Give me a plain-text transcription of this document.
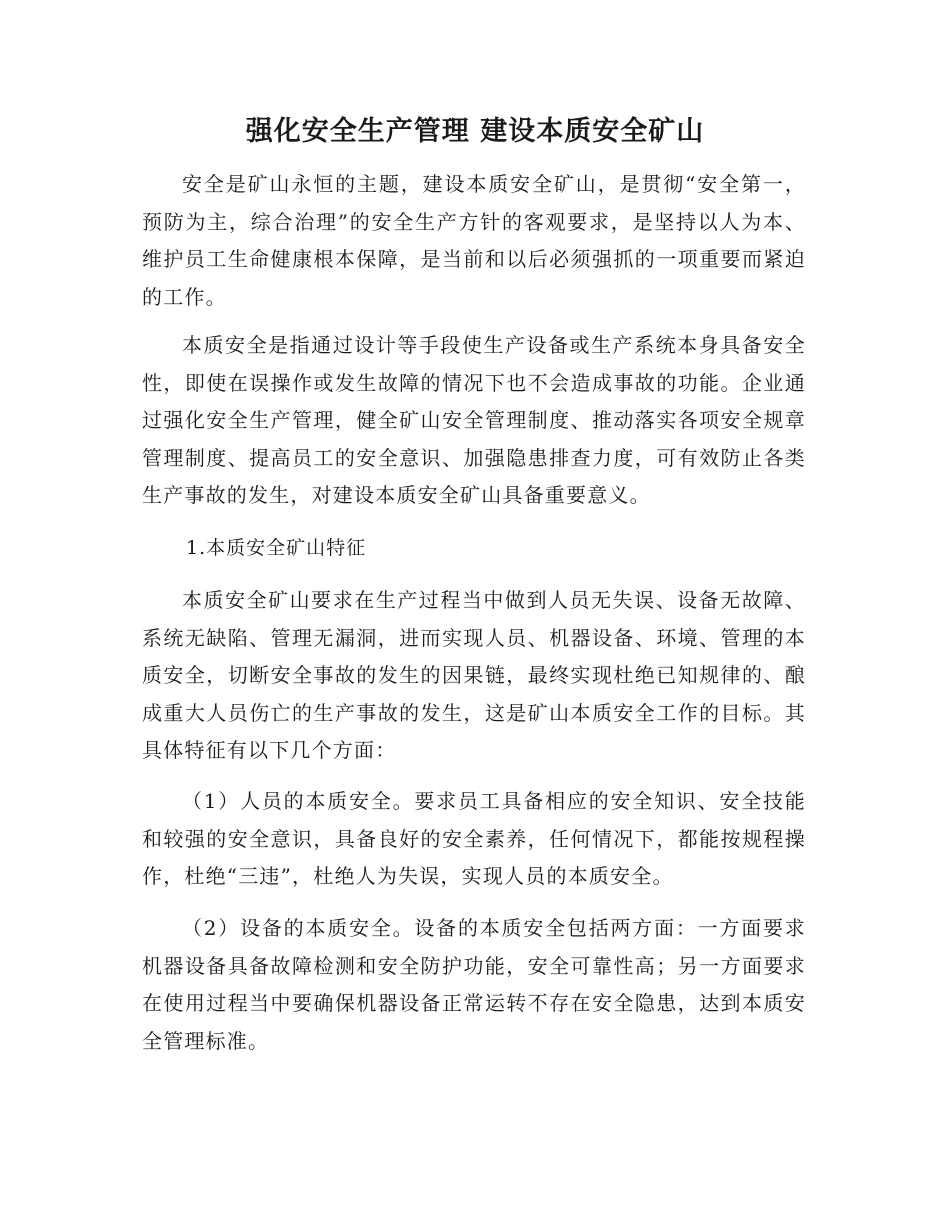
强化安全生产管理 建设本质安全矿山

安全是矿山永恒的主题，建设本质安全矿山，是贯彻“安全第一，预防为主，综合治理”的安全生产方针的客观要求，是坚持以人为本、维护员工生命健康根本保障，是当前和以后必须强抓的一项重要而紧迫的工作。

本质安全是指通过设计等手段使生产设备或生产系统本身具备安全性，即使在误操作或发生故障的情况下也不会造成事故的功能。企业通过强化安全生产管理，健全矿山安全管理制度、推动落实各项安全规章管理制度、提高员工的安全意识、加强隐患排查力度，可有效防止各类生产事故的发生，对建设本质安全矿山具备重要意义。

1.本质安全矿山特征

本质安全矿山要求在生产过程当中做到人员无失误、设备无故障、系统无缺陷、管理无漏洞，进而实现人员、机器设备、环境、管理的本质安全，切断安全事故的发生的因果链，最终实现杜绝已知规律的、酿成重大人员伤亡的生产事故的发生，这是矿山本质安全工作的目标。其具体特征有以下几个方面：

（1）人员的本质安全。要求员工具备相应的安全知识、安全技能和较强的安全意识，具备良好的安全素养，任何情况下，都能按规程操作，杜绝“三违”，杜绝人为失误，实现人员的本质安全。

（2）设备的本质安全。设备的本质安全包括两方面：一方面要求机器设备具备故障检测和安全防护功能，安全可靠性高；另一方面要求在使用过程当中要确保机器设备正常运转不存在安全隐患，达到本质安全管理标准。
